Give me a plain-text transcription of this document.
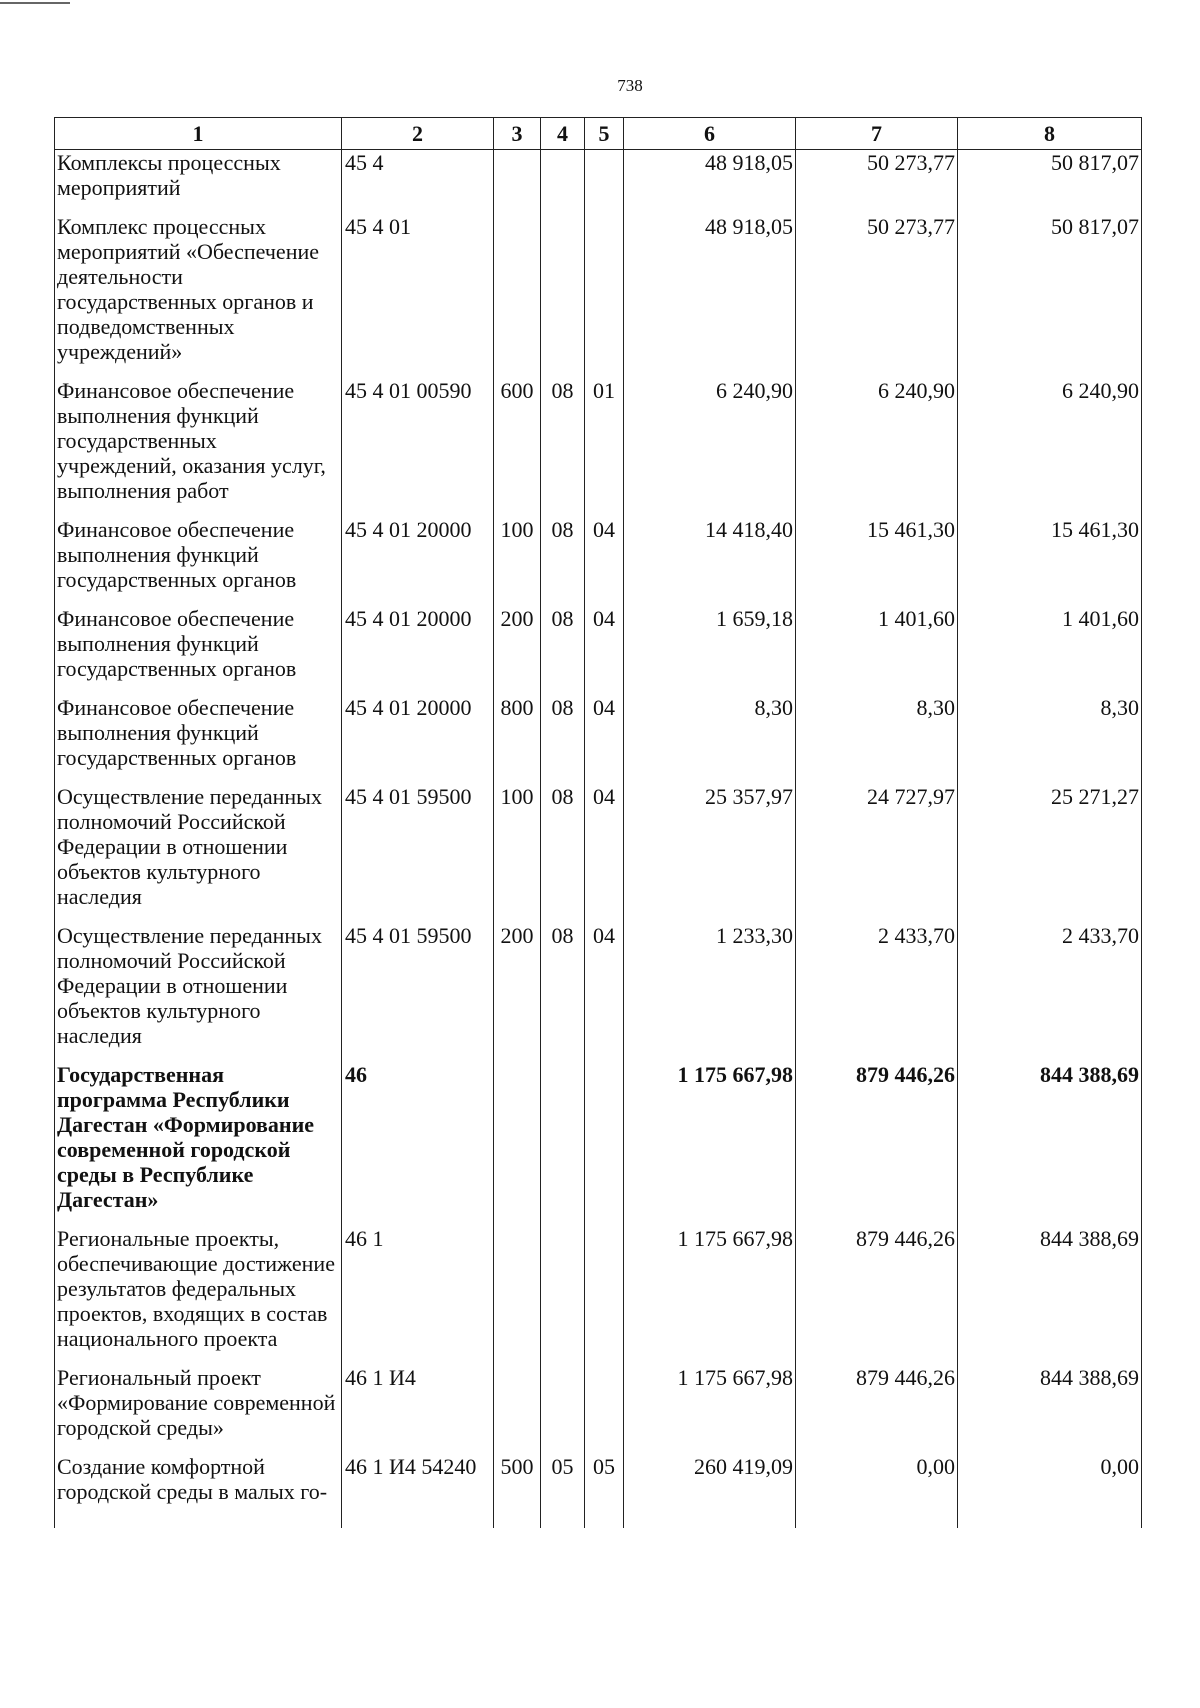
738
1	2	3	4	5	6	7	8
Комплексы процессных мероприятий	45 4				48 918,05	50 273,77	50 817,07
Комплекс процессных мероприятий «Обеспечение деятельности государственных органов и подведомственных учреждений»	45 4 01				48 918,05	50 273,77	50 817,07
Финансовое обеспечение выполнения функций государственных учреждений, оказания услуг, выполнения работ	45 4 01 00590	600	08	01	6 240,90	6 240,90	6 240,90
Финансовое обеспечение выполнения функций государственных органов	45 4 01 20000	100	08	04	14 418,40	15 461,30	15 461,30
Финансовое обеспечение выполнения функций государственных органов	45 4 01 20000	200	08	04	1 659,18	1 401,60	1 401,60
Финансовое обеспечение выполнения функций государственных органов	45 4 01 20000	800	08	04	8,30	8,30	8,30
Осуществление переданных полномочий Российской Федерации в отношении объектов культурного наследия	45 4 01 59500	100	08	04	25 357,97	24 727,97	25 271,27
Осуществление переданных полномочий Российской Федерации в отношении объектов культурного наследия	45 4 01 59500	200	08	04	1 233,30	2 433,70	2 433,70
Государственная программа Республики Дагестан «Формирование современной городской среды в Республике Дагестан»	46				1 175 667,98	879 446,26	844 388,69
Региональные проекты, обеспечивающие достижение результатов федеральных проектов, входящих в состав национального проекта	46 1				1 175 667,98	879 446,26	844 388,69
Региональный проект «Формирование современной городской среды»	46 1 И4				1 175 667,98	879 446,26	844 388,69
Создание комфортной городской среды в малых го-	46 1 И4 54240	500	05	05	260 419,09	0,00	0,00
